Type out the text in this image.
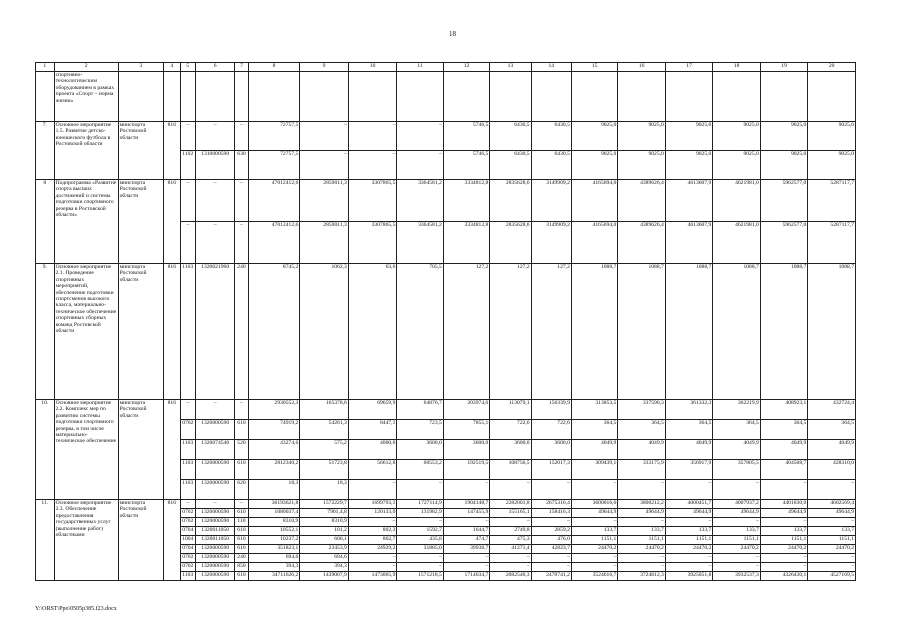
18
1	2	3	4	5	6	7	8	9	10	11	12	13	14	15	16	17	18	19	20
	спортивно-технологическим оборудованием в рамках проекта «Спорт – норма жизни»																		
7.	Основное мероприятие 1.5. Развитие детско-юношеского футбола в Ростовской области	минспорта Ростовской области	816	–	–	–	72757,5	–	–	–	5746,5	6430,5	6430,5	9025,0	9025,0	9025,0	9025,0	9025,0	9025,0
				1102	1310000590	630	72757,5	–	–	–	5746,5	6430,5	6430,5	9025,0	9025,0	9025,0	9025,0	9025,0	9025,0
8	Подпрограмма «Развитие спорта высших достижений и системы подготовки спортивного резерва в Ростовской области»	минспорта Ростовской области	816	–	–	–	47012412,6	2859011,3	3307865,5	3364581,2	3334812,8	2835628,6	3149909,2	4165694,0	4389626,4	4613607,9	4621981,0	5962577,0	5287117,7
				–	–	–	47012412,6	2859011,3	3307865,5	3364581,2	3334812,8	2835628,6	3149909,2	4165694,0	4389626,4	4613607,9	4621981,0	5962577,0	5287117,7
9.	Основное мероприятие 2.1. Проведение спортивных мероприятий, обеспечение подготовки спортсменов высокого класса, материально-техническое обеспечение спортивных сборных команд Ростовской области	минспорта Ростовской области	816	1103	1320021960	240	8745,2	1062,3	63,6	705,5	127,2	127,2	127,2	1088,7	1088,7	1088,7	1088,7	1088,7	1088,7
10.	Основное мероприятие 2.2. Комплекс мер по развитию системы подготовки спортивного резерва, в том числе материально-техническое обеспечение	минспорта Ростовской области	816	–	–	–	2930552,3	165378,6	69659,9	64876,7	203974,6	113079,1	156339,9	313853,5	337590,3	361332,3	362219,9	408923,1	432724,4
				0702	1320000590	610	74919,2	54261,3	8447,1	723,5	7855,1	722,6	722,6	364,5	364,5	364,5	364,5	364,5	364,5
				1103	1320074540	520	43274,6	575,2	4000,0	3600,0	3600,0	3600,0	3600,0	4049,9	4049,9	4049,9	4049,9	4049,9	4049,9
				1103	1320000590	610	2812340,2	51723,8	56612,8	60553,2	192519,5	108756,5	152017,3	309439,1	333175,9	356917,9	357805,5	404508,7	428310,0
				1103	1320000590	620	18,3	18,3	–	–	–	–	–	–	–	–	–	–	–
11.	Основное мероприятие 2.3. Обеспечение предоставления государственных услуг (выполнение работ) областными	минспорта Ростовской области	816	–	–	–	36193621,8	1572229,7	1699793,1	1727114,9	1904148,7	2282001,8	2675316,4	3600016,6	3800212,2	4000451,7	4007937,2	4401830,0	4602569,4
				0702	1320000590	610	1080037,4	7901,4,8	120133,0	131982,9	147455,9	155165,1	158416,3	49644,9	49644,9	49644,9	49644,9	49644,9	49644,9
				0702	1320000590	110	8310,9	8310,9	–	–	–	–	–	–	–	–	–	–	–
				0704	1320011050	610	10552,1	101,2	802,3	1592,7	1644,7	2749,8	2859,2	133,7	133,7	133,7	133,7	133,7	133,7
				1004	1320011050	610	10237,2	606,1	862,7	435,8	474,7	475,3	476,0	1151,1	1151,1	1151,1	1151,1	1151,1	1151,1
				0704	1320000590	610	351823,1	23453,9	24929,2	31885,0	39938,7	41271,4	42823,7	24470,2	24470,2	24470,2	24470,2	24470,2	24470,2
				0702	1320000590	240	694,6	694,6	–	–	–	–	–	–	–	–	–	–	–
				0702	1320000590	850	394,3	394,3	–	–	–	–	–	–	–	–	–	–	–
				1103	1320000590	610	34711626,2	1439007,9	1473065,9	1571218,5	1714634,7	2082540,3	2470741,2	3524616,7	3724812,3	3925051,8	3932537,3	4326430,1	4527169,5
Y:\ORST\Ppo\0505p385.f23.docx
